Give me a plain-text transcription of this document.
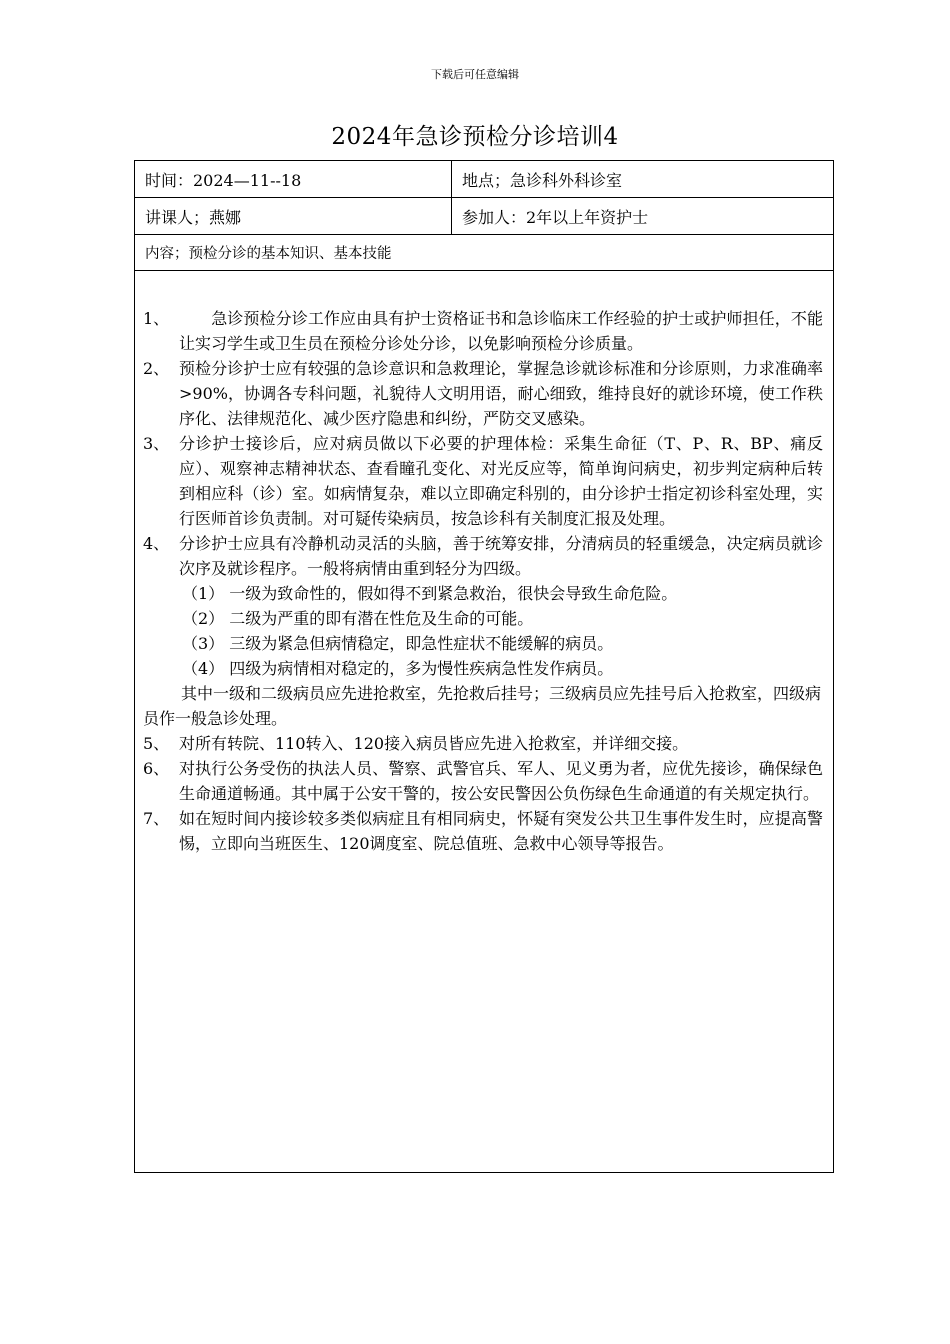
下载后可任意编辑
2024年急诊预检分诊培训4
时间：2024—11--18	地点；急诊科外科诊室
讲课人；燕娜	参加人：2年以上年资护士
内容；预检分诊的基本知识、基本技能
1、 　　急诊预检分诊工作应由具有护士资格证书和急诊临床工作经验的护士或护师担任，不能让实习学生或卫生员在预检分诊处分诊，以免影响预检分诊质量。
2、 预检分诊护士应有较强的急诊意识和急救理论，掌握急诊就诊标准和分诊原则，力求准确率>90%，协调各专科问题，礼貌待人文明用语，耐心细致，维持良好的就诊环境，使工作秩序化、法律规范化、减少医疗隐患和纠纷，严防交叉感染。
3、 分诊护士接诊后，应对病员做以下必要的护理体检：采集生命征（T、P、R、BP、痛反应）、观察神志精神状态、查看瞳孔变化、对光反应等，简单询问病史，初步判定病种后转到相应科（诊）室。如病情复杂，难以立即确定科别的，由分诊护士指定初诊科室处理，实行医师首诊负责制。对可疑传染病员，按急诊科有关制度汇报及处理。
4、 分诊护士应具有冷静机动灵活的头脑，善于统筹安排，分清病员的轻重缓急，决定病员就诊次序及就诊程序。一般将病情由重到轻分为四级。
（1） 一级为致命性的，假如得不到紧急救治，很快会导致生命危险。
（2） 二级为严重的即有潜在性危及生命的可能。
（3） 三级为紧急但病情稳定，即急性症状不能缓解的病员。
（4） 四级为病情相对稳定的，多为慢性疾病急性发作病员。
其中一级和二级病员应先进抢救室，先抢救后挂号；三级病员应先挂号后入抢救室，四级病员作一般急诊处理。
5、 对所有转院、110转入、120接入病员皆应先进入抢救室，并详细交接。
6、 对执行公务受伤的执法人员、警察、武警官兵、军人、见义勇为者，应优先接诊，确保绿色生命通道畅通。其中属于公安干警的，按公安民警因公负伤绿色生命通道的有关规定执行。
7、 如在短时间内接诊较多类似病症且有相同病史，怀疑有突发公共卫生事件发生时，应提高警惕，立即向当班医生、120调度室、院总值班、急救中心领导等报告。
